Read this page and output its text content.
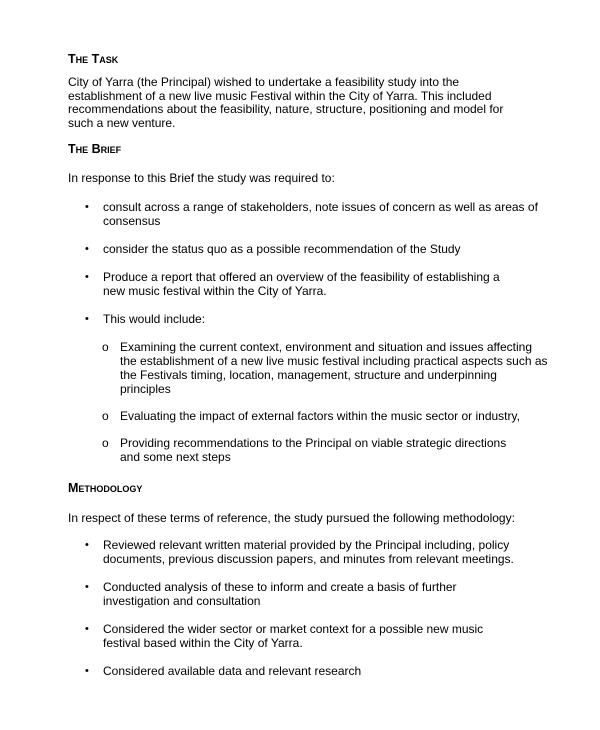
The Task

City of Yarra (the Principal) wished to undertake a feasibility study into the establishment of a new live music Festival within the City of Yarra. This included recommendations about the feasibility, nature, structure, positioning and model for such a new venture.

The Brief

In response to this Brief the study was required to:

• consult across a range of stakeholders, note issues of concern as well as areas of consensus
• consider the status quo as a possible recommendation of the Study
• Produce a report that offered an overview of the feasibility of establishing a new music festival within the City of Yarra.
• This would include:
o Examining the current context, environment and situation and issues affecting the establishment of a new live music festival including practical aspects such as the Festivals timing, location, management, structure and underpinning principles
o Evaluating the impact of external factors within the music sector or industry,
o Providing recommendations to the Principal on viable strategic directions and some next steps
Methodology

In respect of these terms of reference, the study pursued the following methodology:

• Reviewed relevant written material provided by the Principal including, policy documents, previous discussion papers, and minutes from relevant meetings.
• Conducted analysis of these to inform and create a basis of further investigation and consultation
• Considered the wider sector or market context for a possible new music festival based within the City of Yarra.
• Considered available data and relevant research
